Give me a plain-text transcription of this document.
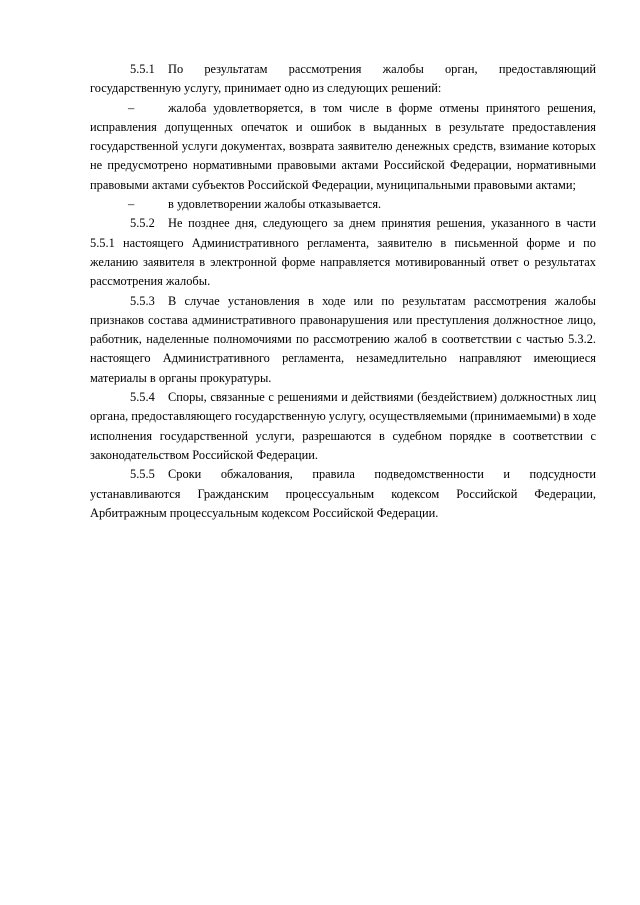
5.5.1 По результатам рассмотрения жалобы орган, предоставляющий государственную услугу, принимает одно из следующих решений:

–	жалоба удовлетворяется, в том числе в форме отмены принятого решения, исправления допущенных опечаток и ошибок в выданных в результате предоставления государственной услуги документах, возврата заявителю денежных средств, взимание которых не предусмотрено нормативными правовыми актами Российской Федерации, нормативными правовыми актами субъектов Российской Федерации, муниципальными правовыми актами;

–	в удовлетворении жалобы отказывается.

5.5.2 Не позднее дня, следующего за днем принятия решения, указанного в части 5.5.1 настоящего Административного регламента, заявителю в письменной форме и по желанию заявителя в электронной форме направляется мотивированный ответ о результатах рассмотрения жалобы.

5.5.3 В случае установления в ходе или по результатам рассмотрения жалобы признаков состава административного правонарушения или преступления должностное лицо, работник, наделенные полномочиями по рассмотрению жалоб в соответствии с частью 5.3.2. настоящего Административного регламента, незамедлительно направляют имеющиеся материалы в органы прокуратуры.

5.5.4 Споры, связанные с решениями и действиями (бездействием) должностных лиц органа, предоставляющего государственную услугу, осуществляемыми (принимаемыми) в ходе исполнения государственной услуги, разрешаются в судебном порядке в соответствии с законодательством Российской Федерации.

5.5.5 Сроки обжалования, правила подведомственности и подсудности устанавливаются Гражданским процессуальным кодексом Российской Федерации, Арбитражным процессуальным кодексом Российской Федерации.
